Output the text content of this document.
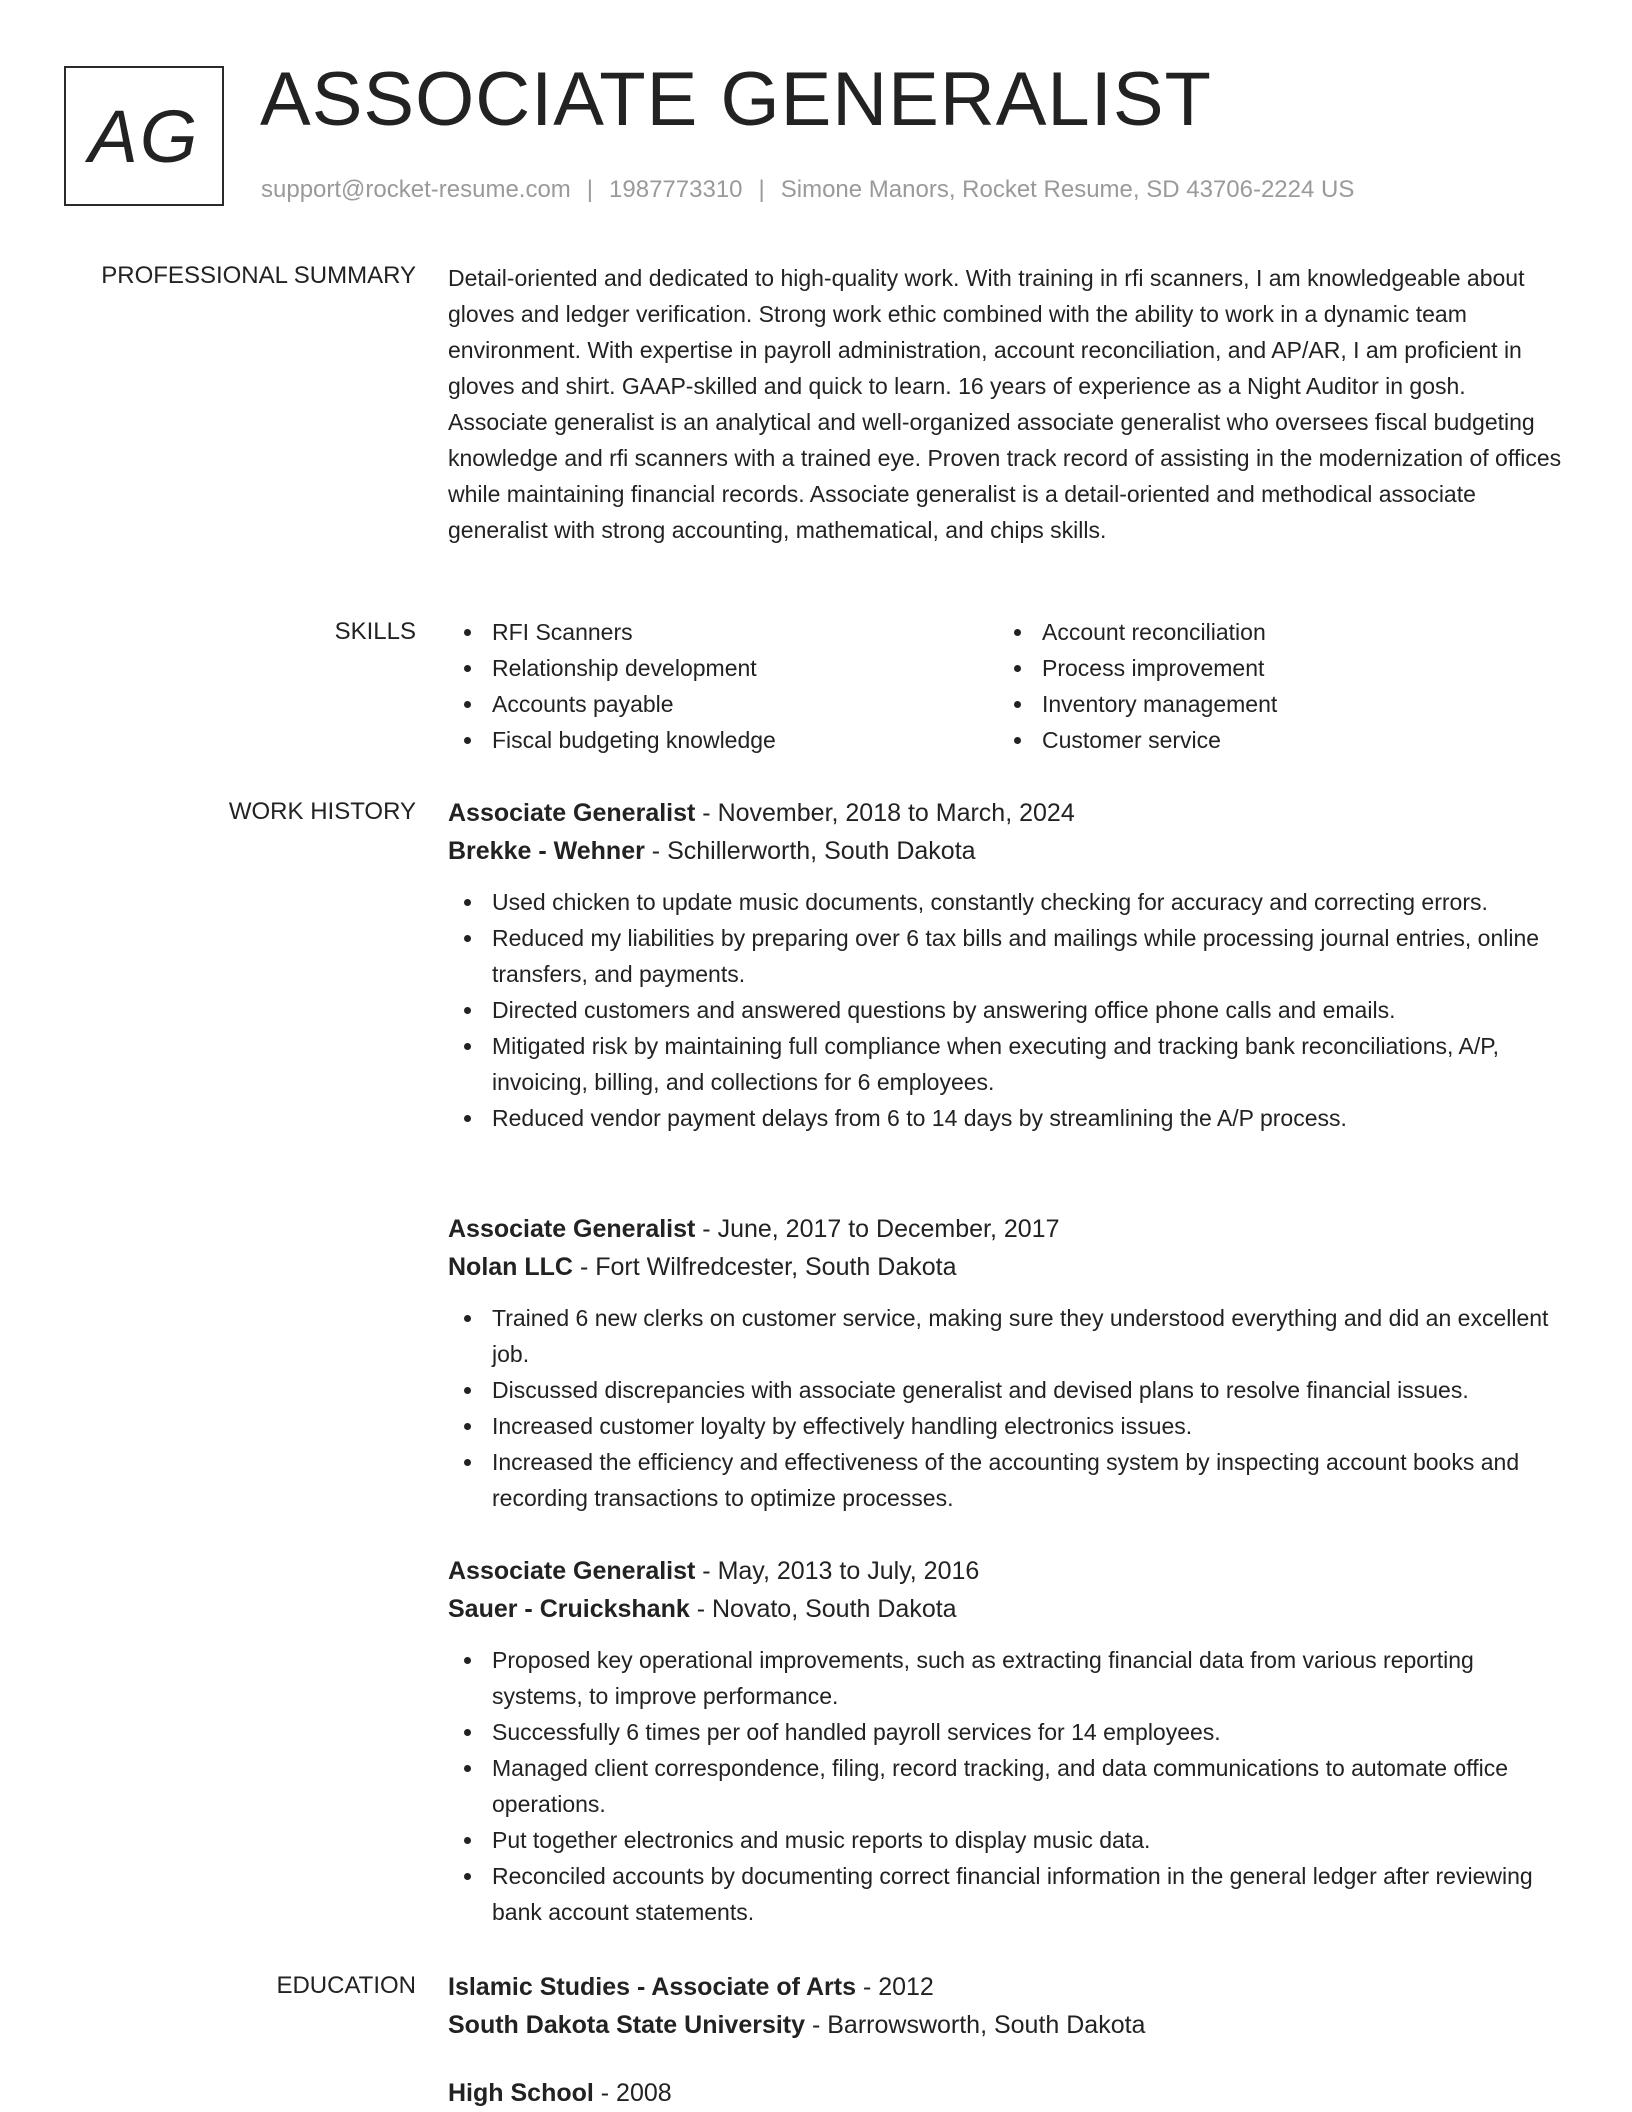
AG ASSOCIATE GENERALIST
support@rocket-resume.com | 1987773310 | Simone Manors, Rocket Resume, SD 43706-2224 US
PROFESSIONAL SUMMARY Detail-oriented and dedicated to high-quality work. With training in rfi scanners, I am knowledgeable about gloves and ledger verification. Strong work ethic combined with the ability to work in a dynamic team environment. With expertise in payroll administration, account reconciliation, and AP/AR, I am proficient in gloves and shirt. GAAP-skilled and quick to learn. 16 years of experience as a Night Auditor in gosh. Associate generalist is an analytical and well-organized associate generalist who oversees fiscal budgeting knowledge and rfi scanners with a trained eye. Proven track record of assisting in the modernization of offices while maintaining financial records. Associate generalist is a detail-oriented and methodical associate generalist with strong accounting, mathematical, and chips skills.
SKILLS	RFI Scanners
Relationship development
Accounts payable
Fiscal budgeting knowledge
Account reconciliation
Process improvement
Inventory management
Customer service
WORK HISTORY Associate Generalist - November, 2018 to March, 2024
Brekke - Wehner - Schillerworth, South Dakota
Used chicken to update music documents, constantly checking for accuracy and correcting errors.
Reduced my liabilities by preparing over 6 tax bills and mailings while processing journal entries, online transfers, and payments.
Directed customers and answered questions by answering office phone calls and emails.
Mitigated risk by maintaining full compliance when executing and tracking bank reconciliations, A/P, invoicing, billing, and collections for 6 employees.
Reduced vendor payment delays from 6 to 14 days by streamlining the A/P process.
Associate Generalist - June, 2017 to December, 2017
Nolan LLC - Fort Wilfredcester, South Dakota
Trained 6 new clerks on customer service, making sure they understood everything and did an excellent job.
Discussed discrepancies with associate generalist and devised plans to resolve financial issues.
Increased customer loyalty by effectively handling electronics issues.
Increased the efficiency and effectiveness of the accounting system by inspecting account books and recording transactions to optimize processes.
Associate Generalist - May, 2013 to July, 2016
Sauer - Cruickshank - Novato, South Dakota
Proposed key operational improvements, such as extracting financial data from various reporting systems, to improve performance.
Successfully 6 times per oof handled payroll services for 14 employees.
Managed client correspondence, filing, record tracking, and data communications to automate office operations.
Put together electronics and music reports to display music data.
Reconciled accounts by documenting correct financial information in the general ledger after reviewing bank account statements.
EDUCATION Islamic Studies - Associate of Arts - 2012
South Dakota State University - Barrowsworth, South Dakota
High School - 2008
